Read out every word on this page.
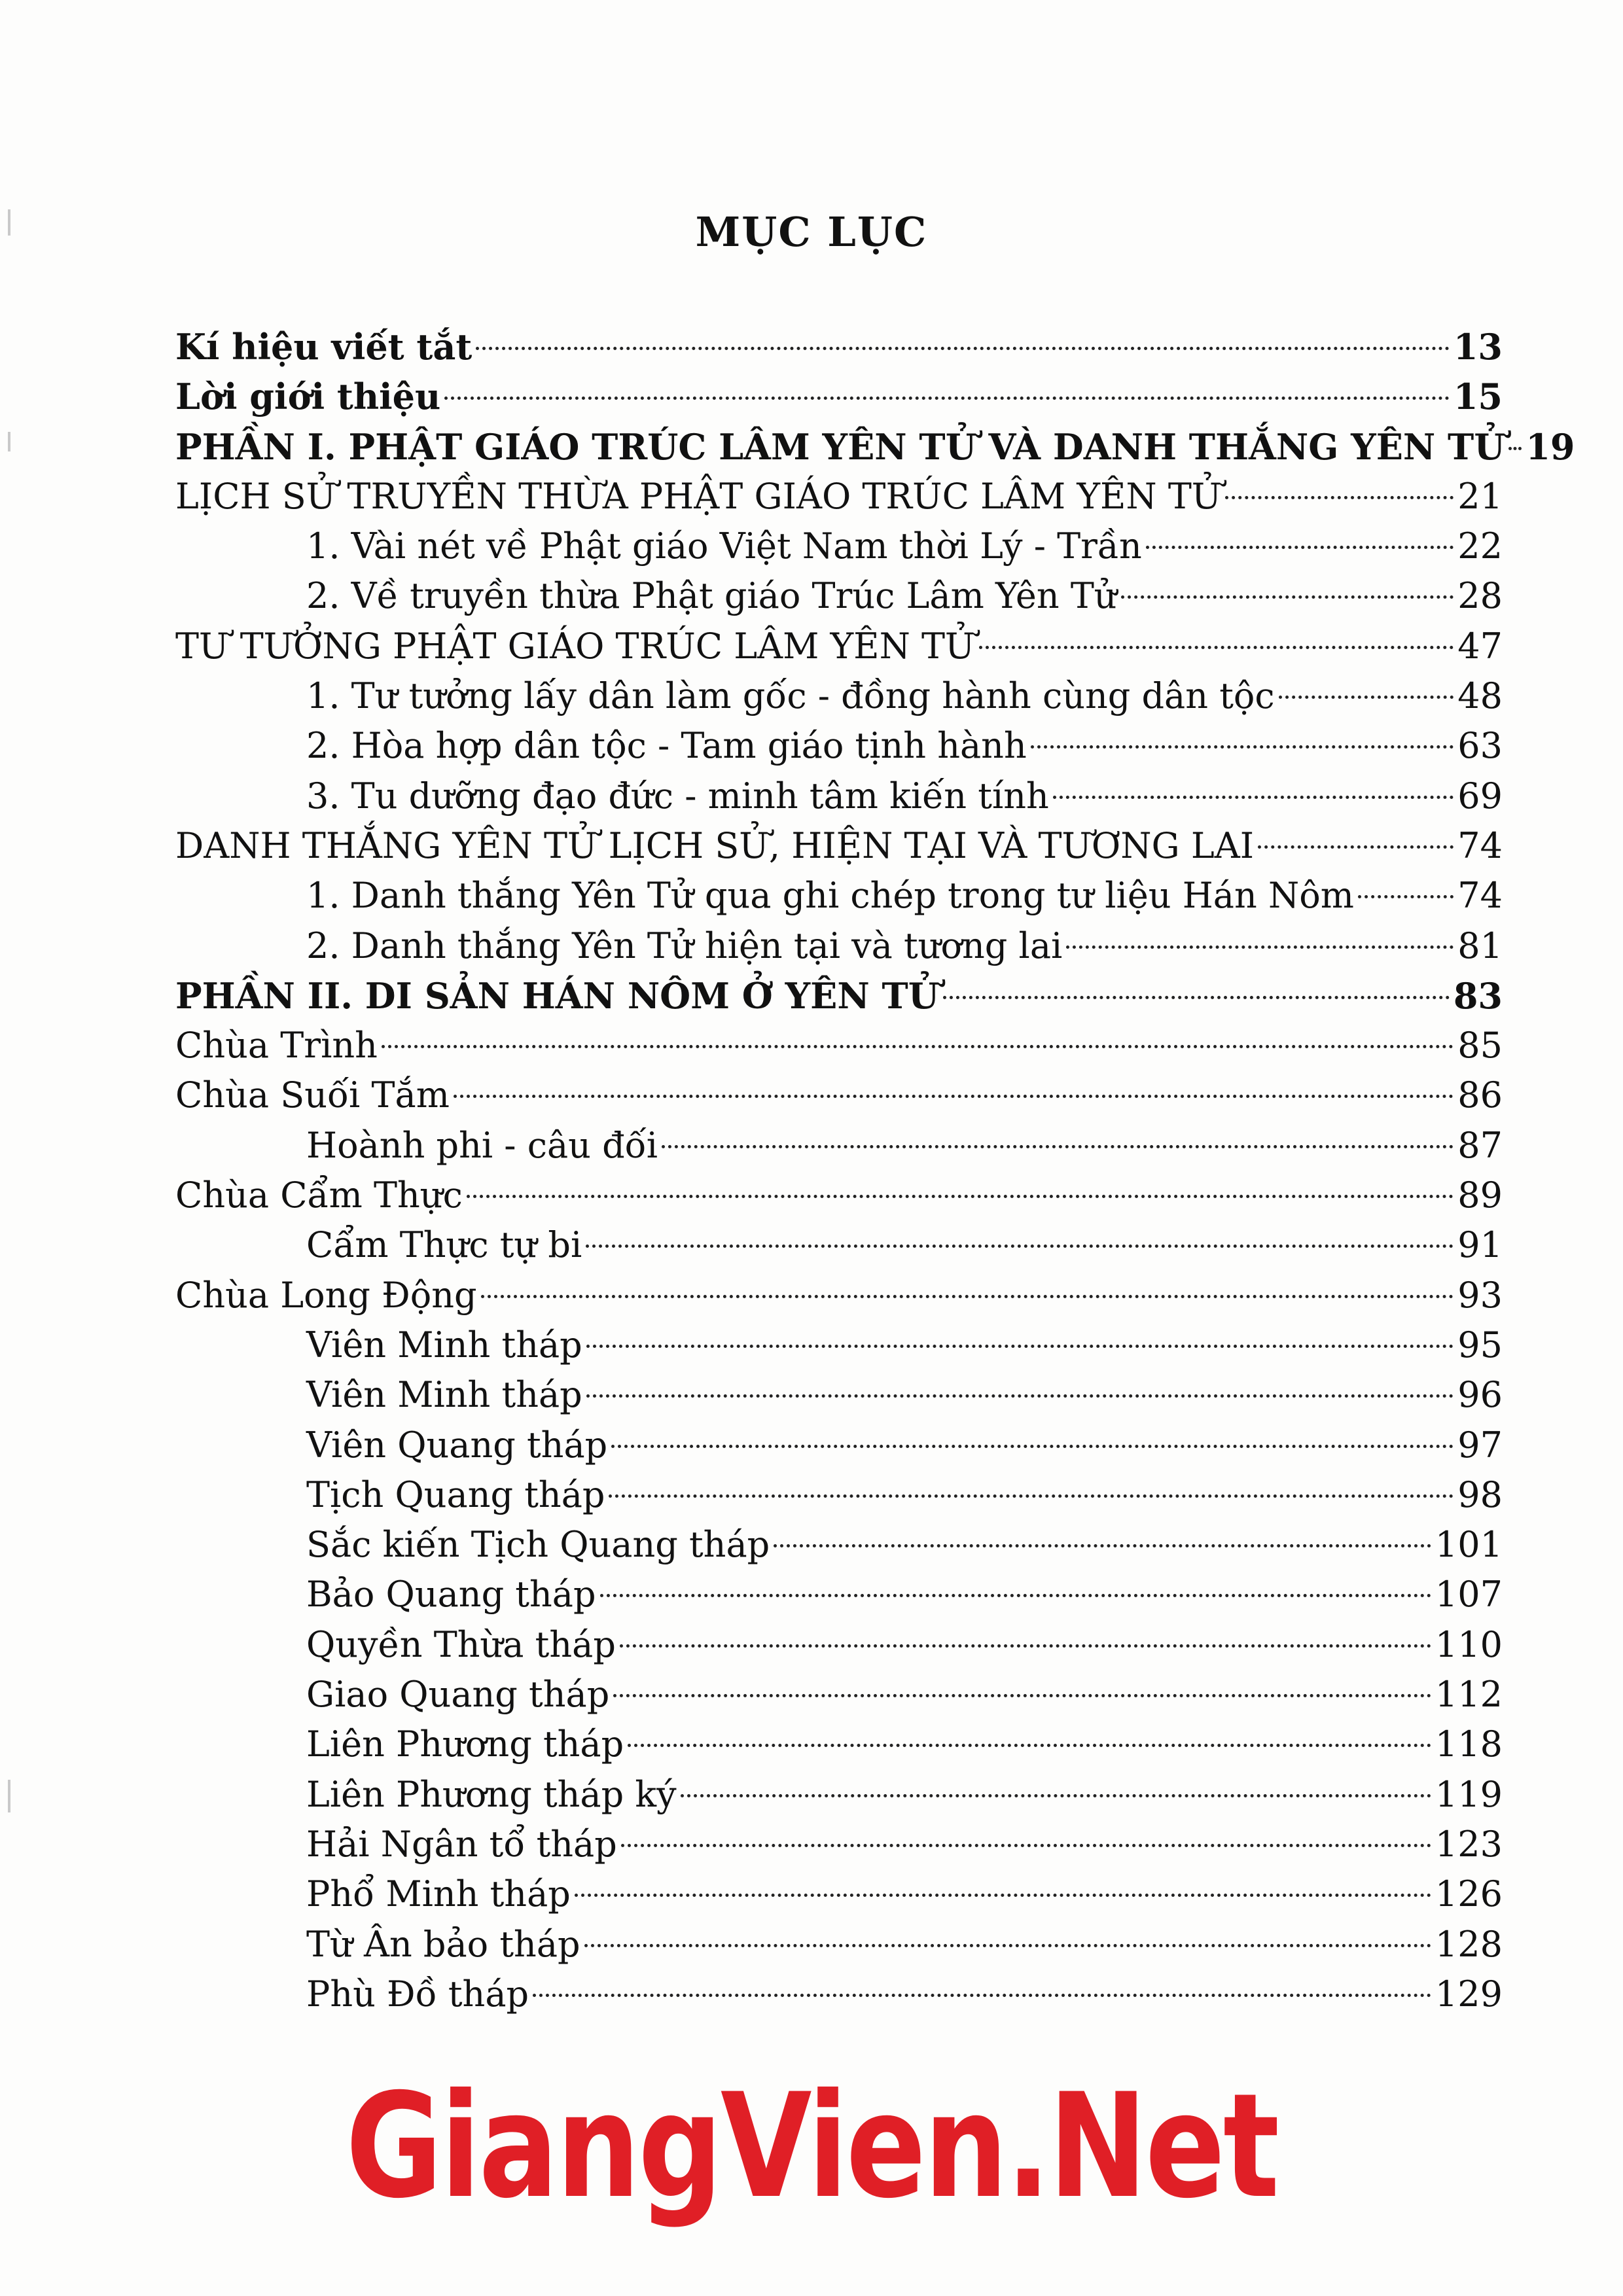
MỤC LỤC
Kí hiệu viết tắt	13
Lời giới thiệu	15
PHẦN I. PHẬT GIÁO TRÚC LÂM YÊN TỬ VÀ DANH THẮNG YÊN TỬ 19
LỊCH SỬ TRUYỀN THỪA PHẬT GIÁO TRÚC LÂM YÊN TỬ	21
1. Vài nét về Phật giáo Việt Nam thời Lý - Trần	22
2. Về truyền thừa Phật giáo Trúc Lâm Yên Tử	28
TƯ TƯỞNG PHẬT GIÁO TRÚC LÂM YÊN TỬ	47
1. Tư tưởng lấy dân làm gốc - đồng hành cùng dân tộc	48
2. Hòa hợp dân tộc - Tam giáo tịnh hành	63
3. Tu dưỡng đạo đức - minh tâm kiến tính	69
DANH THẮNG YÊN TỬ LỊCH SỬ, HIỆN TẠI VÀ TƯƠNG LAI	74
1. Danh thắng Yên Tử qua ghi chép trong tư liệu Hán Nôm	74
2. Danh thắng Yên Tử hiện tại và tương lai	81
PHẦN II. DI SẢN HÁN NÔM Ở YÊN TỬ	83
Chùa Trình	85
Chùa Suối Tắm	86
Hoành phi - câu đối	87
Chùa Cẩm Thực	89
Cẩm Thực tự bi	91
Chùa Long Động	93
Viên Minh tháp	95
Viên Minh tháp	96
Viên Quang tháp	97
Tịch Quang tháp	98
Sắc kiến Tịch Quang tháp	101
Bảo Quang tháp	107
Quyền Thừa tháp	110
Giao Quang tháp	112
Liên Phương tháp	118
Liên Phương tháp ký	119
Hải Ngân tổ tháp	123
Phổ Minh tháp	126
Từ Ân bảo tháp	128
Phù Đồ tháp	129
GiangVien.Net
